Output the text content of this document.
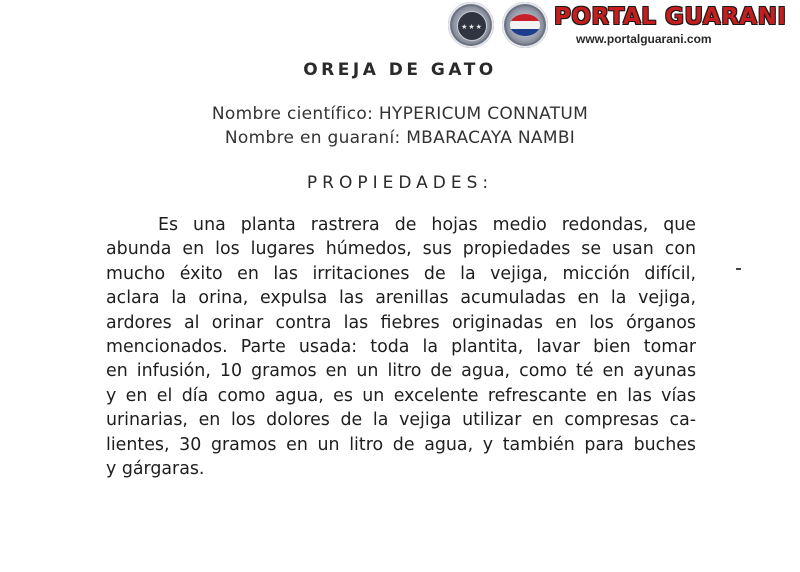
★★★	PORTAL GUARANI
www.portalguarani.com
OREJA DE GATO
Nombre científico: HYPERICUM CONNATUM
Nombre en guaraní: MBARACAYA NAMBI
PROPIEDADES:
Es una planta rastrera de hojas medio redondas, que
abunda en los lugares húmedos, sus propiedades se usan con
mucho éxito en las irritaciones de la vejiga, micción difícil,
aclara la orina, expulsa las arenillas acumuladas en la vejiga,
ardores al orinar contra las fiebres originadas en los órganos
mencionados. Parte usada: toda la plantita, lavar bien tomar
en infusión, 10 gramos en un litro de agua, como té en ayunas
y en el día como agua, es un excelente refrescante en las vías
urinarias, en los dolores de la vejiga utilizar en compresas ca-
lientes, 30 gramos en un litro de agua, y también para buches
y gárgaras.
